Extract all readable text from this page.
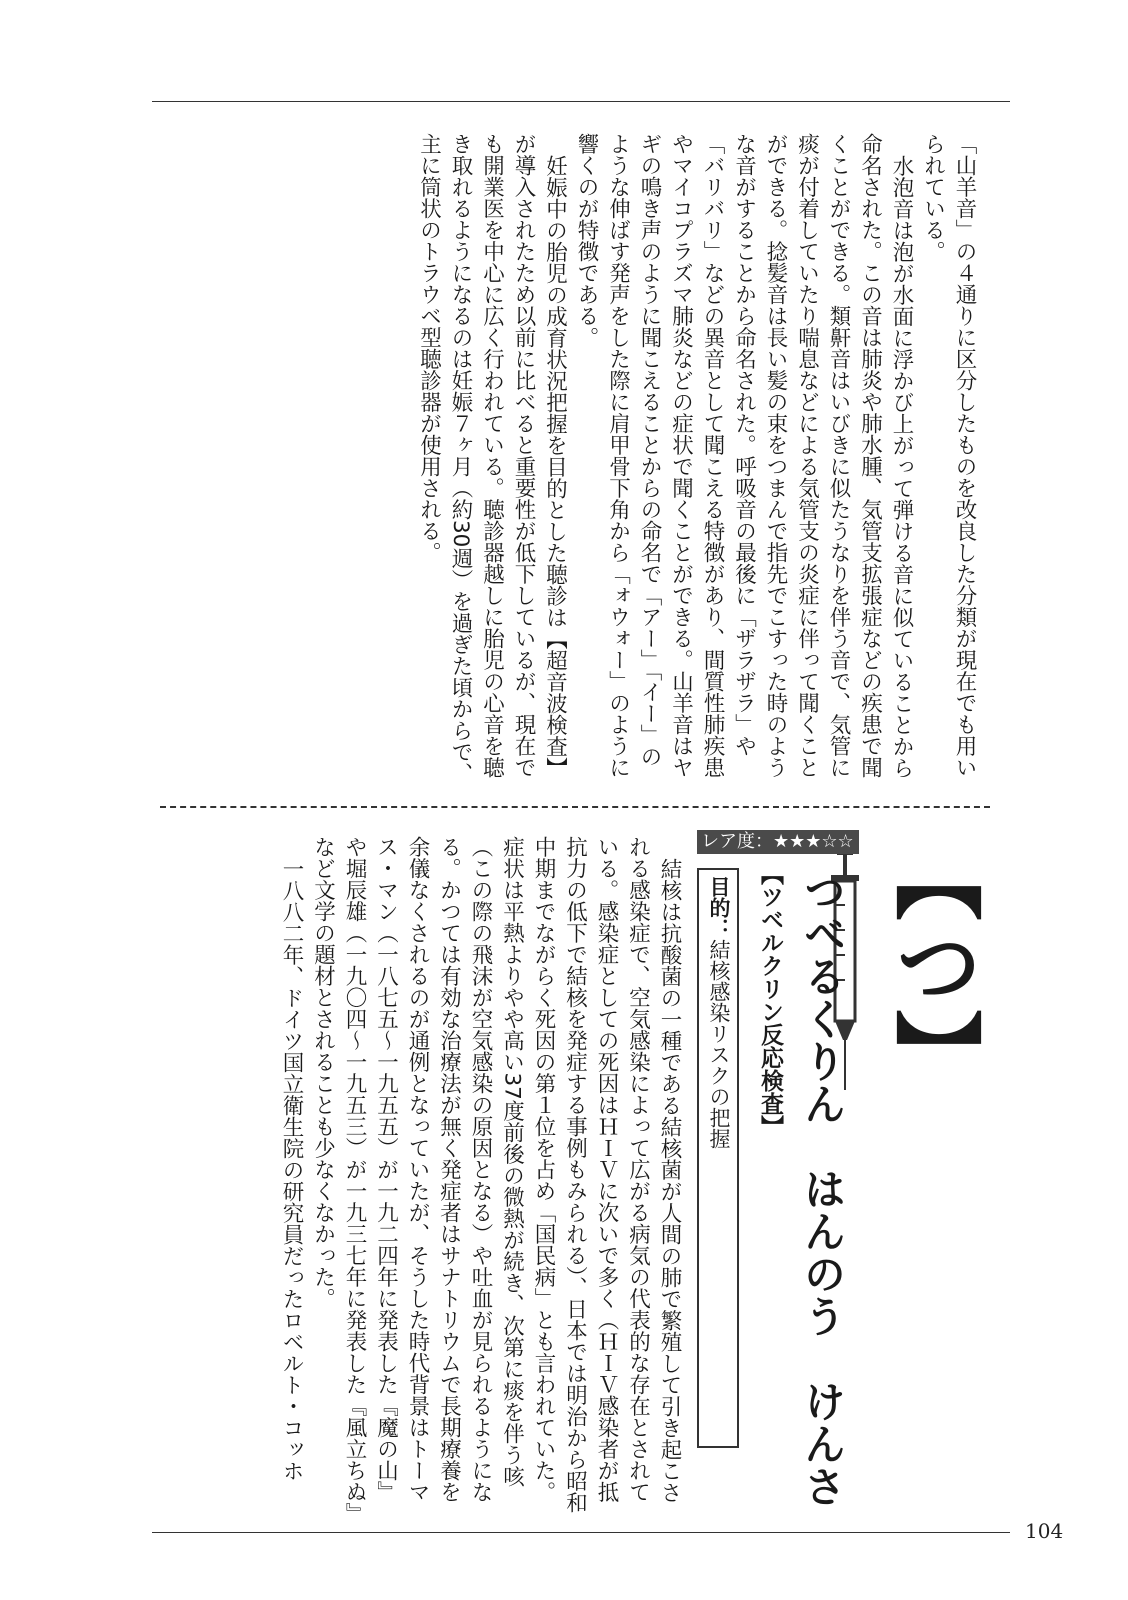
「山羊音」の４通りに区分したものを改良した分類が現在でも用い

られている。

水泡音は泡が水面に浮かび上がって弾ける音に似ていることから命名された。この音は肺炎や肺水腫、気管支拡張症などの疾患で聞くことができる。類鼾音はいびきに似たうなりを伴う音で、気管に痰が付着していたり喘息などによる気管支の炎症に伴って聞くことができる。捻髪音は長い髪の束をつまんで指先でこすった時のような音がすることから命名された。呼吸音の最後に「ザラザラ」や「バリバリ」などの異音として聞こえる特徴があり、間質性肺疾患やマイコプラズマ肺炎などの症状で聞くことができる。山羊音はヤギの鳴き声のように聞こえることからの命名で「アー」「イー」のような伸ばす発声をした際に肩甲骨下角から「ォウォー」のように響くのが特徴である。

妊娠中の胎児の成育状況把握を目的とした聴診は【超音波検査】が導入されたため以前に比べると重要性が低下しているが、現在でも開業医を中心に広く行われている。聴診器越しに胎児の心音を聴き取れるようになるのは妊娠７ヶ月（約30週）を過ぎた頃からで、主に筒状のトラウベ型聴診器が使用される。

【つ】
レア度：★★★☆☆
つべるくりん　はんのう　けんさ
【ツベルクリン反応検査】
目的：結核感染リスクの把握

結核は抗酸菌の一種である結核菌が人間の肺で繁殖して引き起こされる感染症で、空気感染によって広がる病気の代表的な存在とされている。感染症としての死因はＨＩＶに次いで多く（ＨＩＶ感染者が抵抗力の低下で結核を発症する事例もみられる）、日本では明治から昭和中期までながらく死因の第１位を占め「国民病」とも言われていた。症状は平熱よりやや高い37度前後の微熱が続き、次第に痰を伴う咳（この際の飛沫が空気感染の原因となる）や吐血が見られるようになる。かつては有効な治療法が無く発症者はサナトリウムで長期療養を余儀なくされるのが通例となっていたが、そうした時代背景はトーマス・マン（一八七五〜一九五五）が一九二四年に発表した『魔の山』や堀辰雄（一九〇四〜一九五三）が一九三七年に発表した『風立ちぬ』など文学の題材とされることも少なくなかった。

一八八二年、ドイツ国立衛生院の研究員だったロベルト・コッホ

104
